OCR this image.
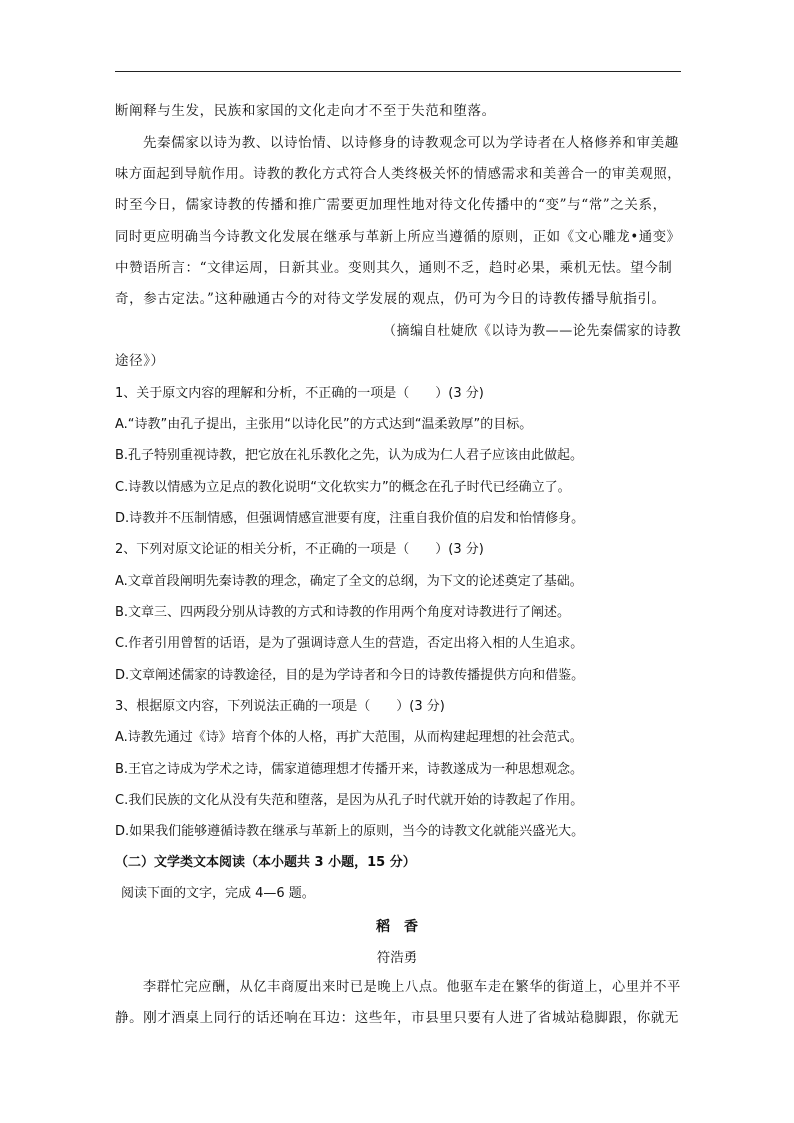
断阐释与生发，民族和家国的文化走向才不至于失范和堕落。
先秦儒家以诗为教、以诗怡情、以诗修身的诗教观念可以为学诗者在人格修养和审美趣
味方面起到导航作用。诗教的教化方式符合人类终极关怀的情感需求和美善合一的审美观照，
时至今日，儒家诗教的传播和推广需要更加理性地对待文化传播中的“变”与“常”之关系，
同时更应明确当今诗教文化发展在继承与革新上所应当遵循的原则，正如《文心雕龙•通变》
中赞语所言：“文律运周，日新其业。变则其久，通则不乏，趋时必果，乘机无怯。望今制
奇，参古定法。”这种融通古今的对待文学发展的观点，仍可为今日的诗教传播导航指引。
（摘编自杜婕欣《以诗为教——论先秦儒家的诗教
途径》）
1、关于原文内容的理解和分析，不正确的一项是（　　）(3 分)
A.“诗教”由孔子提出，主张用“以诗化民”的方式达到“温柔敦厚”的目标。
B.孔子特别重视诗教，把它放在礼乐教化之先，认为成为仁人君子应该由此做起。
C.诗教以情感为立足点的教化说明“文化软实力”的概念在孔子时代已经确立了。
D.诗教并不压制情感，但强调情感宣泄要有度，注重自我价值的启发和怡情修身。
2、下列对原文论证的相关分析，不正确的一项是（　　）(3 分)
A.文章首段阐明先秦诗教的理念，确定了全文的总纲，为下文的论述奠定了基础。
B.文章三、四两段分别从诗教的方式和诗教的作用两个角度对诗教进行了阐述。
C.作者引用曾皙的话语，是为了强调诗意人生的营造，否定出将入相的人生追求。
D.文章阐述儒家的诗教途径，目的是为学诗者和今日的诗教传播提供方向和借鉴。
3、根据原文内容，下列说法正确的一项是（　　）(3 分)
A.诗教先通过《诗》培育个体的人格，再扩大范围，从而构建起理想的社会范式。
B.王官之诗成为学术之诗，儒家道德理想才传播开来，诗教遂成为一种思想观念。
C.我们民族的文化从没有失范和堕落，是因为从孔子时代就开始的诗教起了作用。
D.如果我们能够遵循诗教在继承与革新上的原则，当今的诗教文化就能兴盛光大。
（二）文学类文本阅读（本小题共 3 小题，15 分）
阅读下面的文字，完成 4—6 题。
稻　香
符浩勇
李群忙完应酬，从亿丰商厦出来时已是晚上八点。他驱车走在繁华的街道上，心里并不平
静。刚才酒桌上同行的话还响在耳边：这些年，市县里只要有人进了省城站稳脚跟，你就无
